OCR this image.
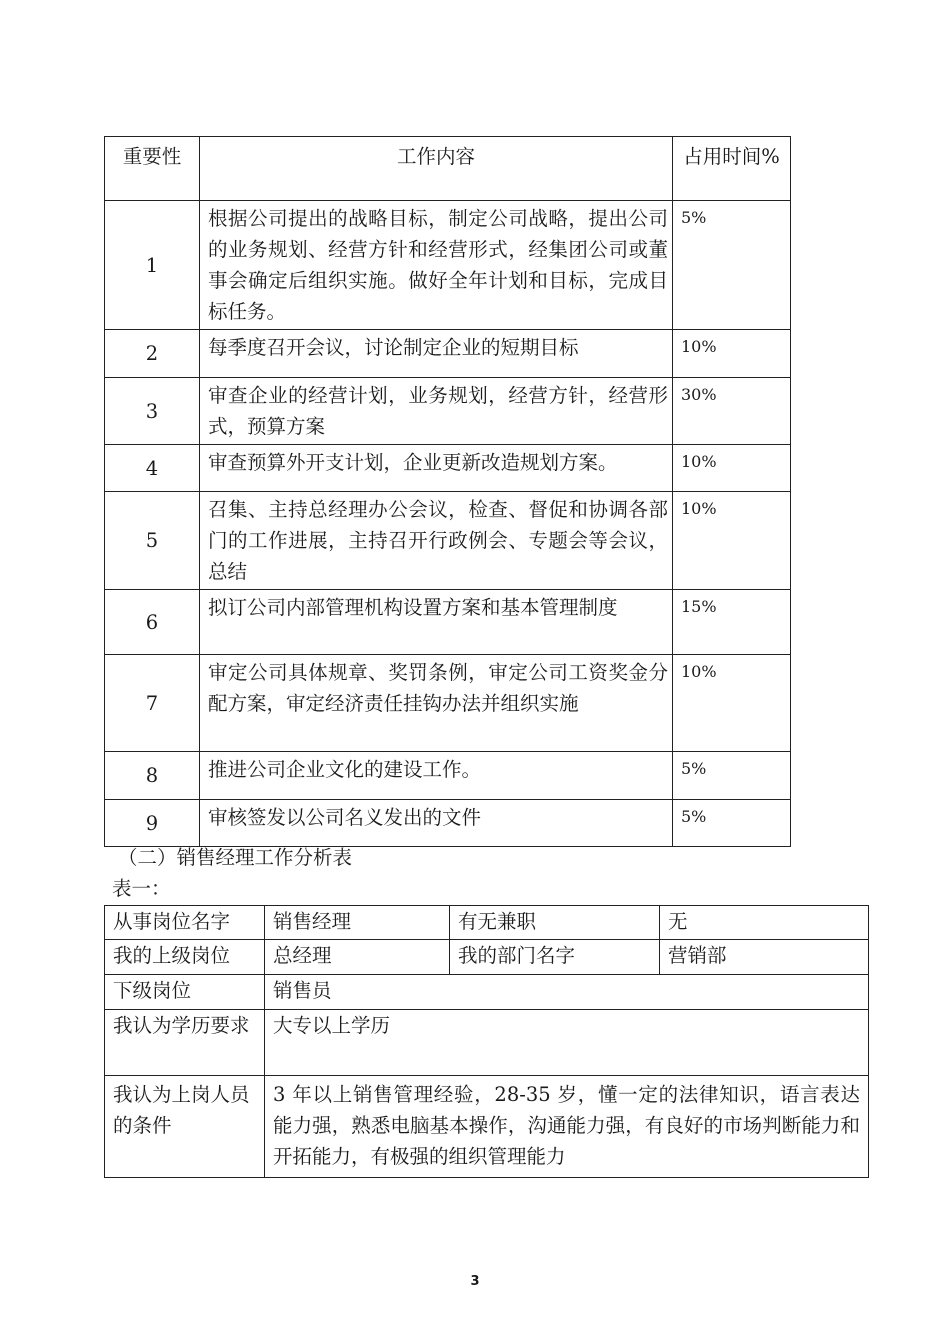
重要性	工作内容	占用时间%
1	根据公司提出的战略目标，制定公司战略，提出公司的业务规划、经营方针和经营形式，经集团公司或董事会确定后组织实施。做好全年计划和目标，完成目标任务。	5%
2	每季度召开会议，讨论制定企业的短期目标	10%
3	审查企业的经营计划，业务规划，经营方针，经营形式，预算方案	30%
4	审查预算外开支计划，企业更新改造规划方案。	10%
5	召集、主持总经理办公会议，检查、督促和协调各部门的工作进展，主持召开行政例会、专题会等会议，总结	10%
6	拟订公司内部管理机构设置方案和基本管理制度	15%
7	审定公司具体规章、奖罚条例，审定公司工资奖金分配方案，审定经济责任挂钩办法并组织实施	10%
8	推进公司企业文化的建设工作。	5%
9	审核签发以公司名义发出的文件	5%
（二）销售经理工作分析表
表一：
从事岗位名字	销售经理	有无兼职	无
我的上级岗位	总经理	我的部门名字	营销部
下级岗位	销售员		
我认为学历要求	大专以上学历		
我认为上岗人员的条件	3 年以上销售管理经验，28-35 岁，懂一定的法律知识，语言表达能力强，熟悉电脑基本操作，沟通能力强，有良好的市场判断能力和开拓能力，有极强的组织管理能力		
3
